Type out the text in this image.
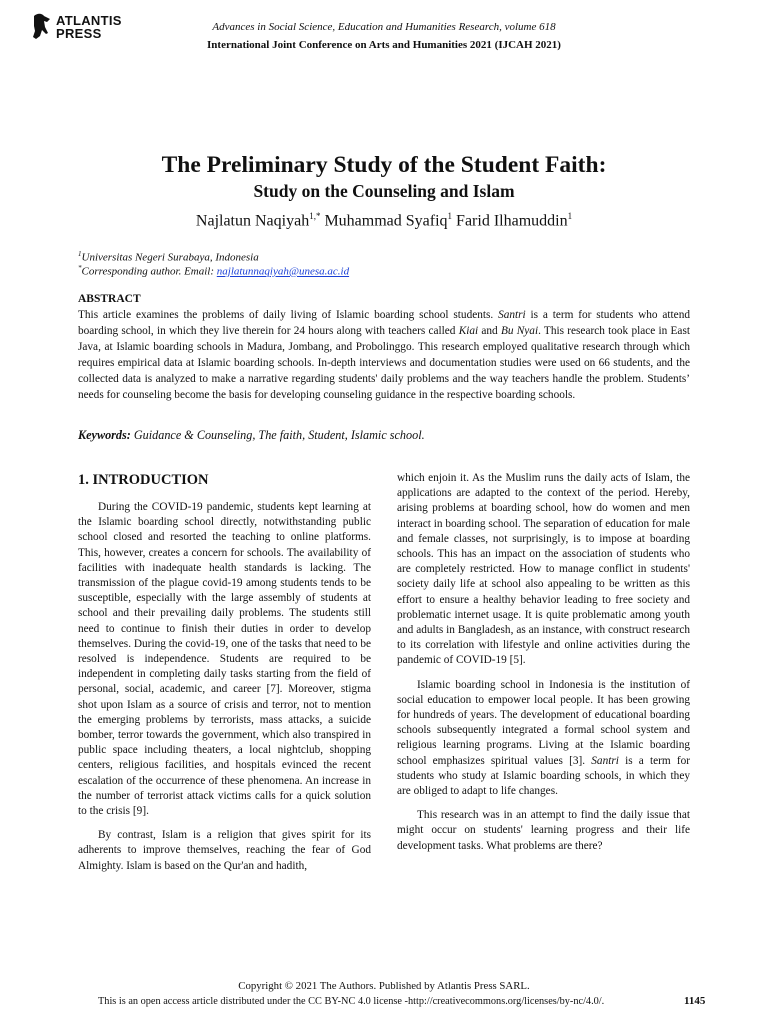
ATLANTIS PRESS	Advances in Social Science, Education and Humanities Research, volume 618
International Joint Conference on Arts and Humanities 2021 (IJCAH 2021)
The Preliminary Study of the Student Faith:
Study on the Counseling and Islam
Najlatun Naqiyah$^{1,*}$ Muhammad Syafiq$^1$ Farid Ilhamuddin$^1$
$^1$Universitas Negeri Surabaya, Indonesia
*Corresponding author. Email: najlatunnaqiyah@unesa.ac.id
ABSTRACT
This article examines the problems of daily living of Islamic boarding school students. Santri is a term for students who attend boarding school, in which they live therein for 24 hours along with teachers called Kiai and Bu Nyai. This research took place in East Java, at Islamic boarding schools in Madura, Jombang, and Probolinggo. This research employed qualitative research through which requires empirical data at Islamic boarding schools. In-depth interviews and documentation studies were used on 66 students, and the collected data is analyzed to make a narrative regarding students' daily problems and the way teachers handle the problem. Students’ needs for counseling become the basis for developing counseling guidance in the respective boarding schools.
Keywords: Guidance & Counseling, The faith, Student, Islamic school.
1. INTRODUCTION

During the COVID-19 pandemic, students kept learning at the Islamic boarding school directly, notwithstanding public school closed and resorted the teaching to online platforms. This, however, creates a concern for schools. The availability of facilities with inadequate health standards is lacking. The transmission of the plague covid-19 among students tends to be susceptible, especially with the large assembly of students at school and their prevailing daily problems. The students still need to continue to finish their duties in order to develop themselves. During the covid-19, one of the tasks that need to be resolved is independence. Students are required to be independent in completing daily tasks starting from the field of personal, social, academic, and career [7]. Moreover, stigma shot upon Islam as a source of crisis and terror, not to mention the emerging problems by terrorists, mass attacks, a suicide bomber, terror towards the government, which also transpired in public space including theaters, a local nightclub, shopping centers, religious facilities, and hospitals evinced the recent escalation of the occurrence of these phenomena. An increase in the number of terrorist attack victims calls for a quick solution to the crisis [9].

By contrast, Islam is a religion that gives spirit for its adherents to improve themselves, reaching the fear of God Almighty. Islam is based on the Qur'an and hadith,

which enjoin it. As the Muslim runs the daily acts of Islam, the applications are adapted to the context of the period. Hereby, arising problems at boarding school, how do women and men interact in boarding school. The separation of education for male and female classes, not surprisingly, is to impose at boarding schools. This has an impact on the association of students who are completely restricted. How to manage conflict in students' society daily life at school also appealing to be written as this effort to ensure a healthy behavior leading to free society and problematic internet usage. It is quite problematic among youth and adults in Bangladesh, as an instance, with construct research to its correlation with lifestyle and online activities during the pandemic of COVID-19 [5].

Islamic boarding school in Indonesia is the institution of social education to empower local people. It has been growing for hundreds of years. The development of educational boarding schools subsequently integrated a formal school system and religious learning programs. Living at the Islamic boarding school emphasizes spiritual values [3]. Santri is a term for students who study at Islamic boarding schools, in which they are obliged to adapt to life changes.

This research was in an attempt to find the daily issue that might occur on students' learning progress and their life development tasks. What problems are there?

Copyright © 2021 The Authors. Published by Atlantis Press SARL.
This is an open access article distributed under the CC BY-NC 4.0 license -http://creativecommons.org/licenses/by-nc/4.0/.	1145
